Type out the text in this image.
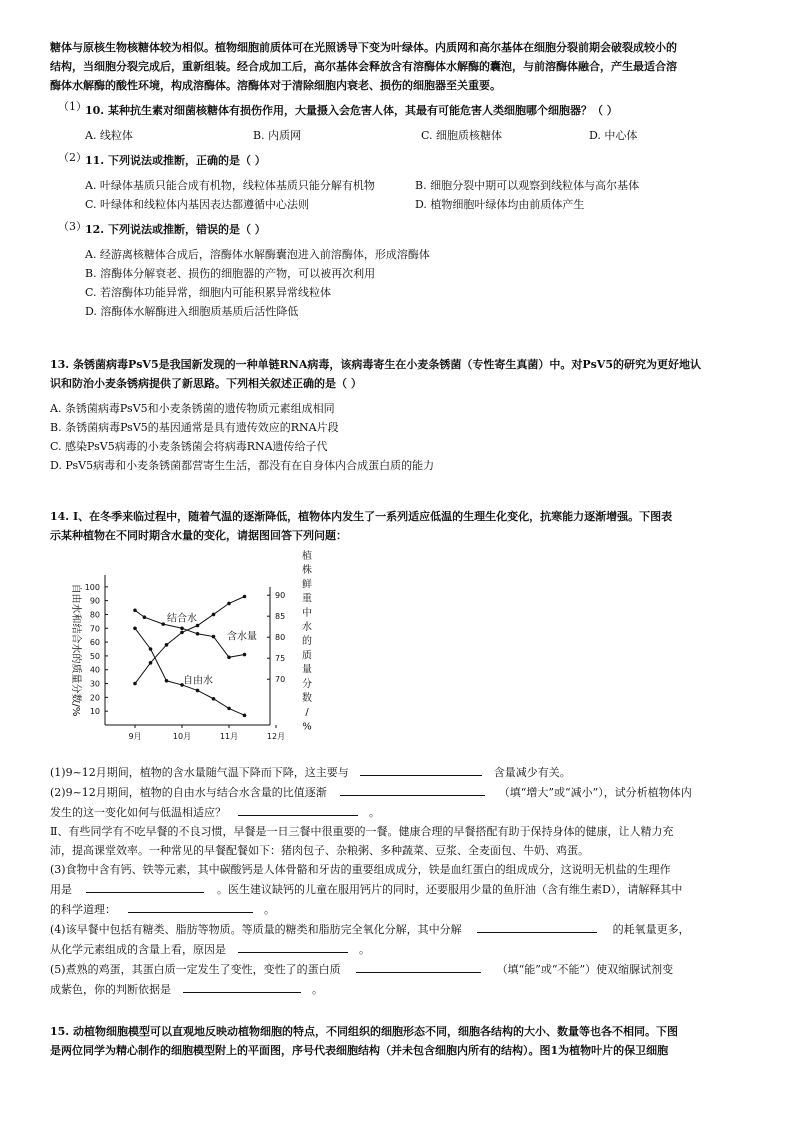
糖体与原核生物核糖体较为相似。植物细胞前质体可在光照诱导下变为叶绿体。内质网和高尔基体在细胞分裂前期会破裂成较小的
结构，当细胞分裂完成后，重新组装。经合成加工后，高尔基体会释放含有溶酶体水解酶的囊泡，与前溶酶体融合，产生最适合溶
酶体水解酶的酸性环境，构成溶酶体。溶酶体对于清除细胞内衰老、损伤的细胞器至关重要。
（1）
10. 某种抗生素对细菌核糖体有损伤作用，大量摄入会危害人体，其最有可能危害人类细胞哪个细胞器？（ ）
A. 线粒体	B. 内质网	C. 细胞质核糖体	D. 中心体
（2）
11. 下列说法或推断，正确的是（ ）
A. 叶绿体基质只能合成有机物，线粒体基质只能分解有机物	B. 细胞分裂中期可以观察到线粒体与高尔基体
C. 叶绿体和线粒体内基因表达都遵循中心法则	D. 植物细胞叶绿体均由前质体产生
（3）
12. 下列说法或推断，错误的是（ ）
A. 经游离核糖体合成后，溶酶体水解酶囊泡进入前溶酶体，形成溶酶体
B. 溶酶体分解衰老、损伤的细胞器的产物，可以被再次利用
C. 若溶酶体功能异常，细胞内可能积累异常线粒体
D. 溶酶体水解酶进入细胞质基质后活性降低
13. 条锈菌病毒PsV5是我国新发现的一种单链RNA病毒，该病毒寄生在小麦条锈菌（专性寄生真菌）中。对PsV5的研究为更好地认
识和防治小麦条锈病提供了新思路。下列相关叙述正确的是（ ）
A. 条锈菌病毒PsV5和小麦条锈菌的遗传物质元素组成相同
B. 条锈菌病毒PsV5的基因通常是具有遗传效应的RNA片段
C. 感染PsV5病毒的小麦条锈菌会将病毒RNA遗传给子代
D. PsV5病毒和小麦条锈菌都营寄生生活，都没有在自身体内合成蛋白质的能力
14. Ⅰ、在冬季来临过程中，随着气温的逐渐降低，植物体内发生了一系列适应低温的生理生化变化，抗寒能力逐渐增强。下图表
示某种植物在不同时期含水量的变化，请据图回答下列问题：
10
20
30
40
50
60
70
80
90
100
70
75
80
85
90
9月	10月	11月	12月
结合水
自由水
含水量
自由水和结合水的质量分数/%
植株鲜重中水的质量分数/ %
(1)9~12月期间，植物的含水量随气温下降而下降，这主要与	含量减少有关。
(2)9~12月期间，植物的自由水与结合水含量的比值逐渐	（填“增大”或“减小”），试分析植物体内
发生的这一变化如何与低温相适应？	。
Ⅱ、有些同学有不吃早餐的不良习惯，早餐是一日三餐中很重要的一餐。健康合理的早餐搭配有助于保持身体的健康，让人精力充
沛，提高课堂效率。一种常见的早餐配餐如下：猪肉包子、杂粮粥、多种蔬菜、豆浆、全麦面包、牛奶、鸡蛋。
(3)食物中含有钙、铁等元素，其中碳酸钙是人体骨骼和牙齿的重要组成成分，铁是血红蛋白的组成成分，这说明无机盐的生理作
用是	。医生建议缺钙的儿童在服用钙片的同时，还要服用少量的鱼肝油（含有维生素D），请解释其中
的科学道理：	。
(4)该早餐中包括有糖类、脂肪等物质。等质量的糖类和脂肪完全氧化分解，其中分解	的耗氧量更多，
从化学元素组成的含量上看，原因是	。
(5)煮熟的鸡蛋，其蛋白质一定发生了变性，变性了的蛋白质	（填“能”或“不能”）使双缩脲试剂变
成紫色，你的判断依据是	。
15. 动植物细胞模型可以直观地反映动植物细胞的特点，不同组织的细胞形态不同，细胞各结构的大小、数量等也各不相同。下图
是两位同学为精心制作的细胞模型附上的平面图，序号代表细胞结构（并未包含细胞内所有的结构）。图1为植物叶片的保卫细胞
